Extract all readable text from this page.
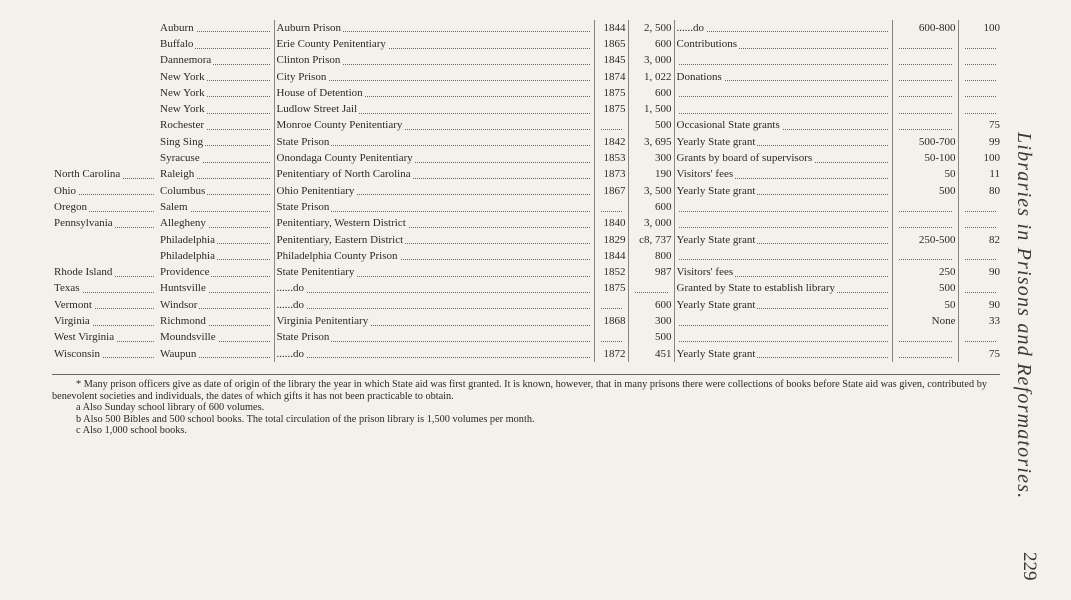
	Auburn	Auburn Prison	1844	2, 500	......do	600-800	100
	Buffalo	Erie County Penitentiary	1865	600	Contributions		
	Dannemora	Clinton Prison	1845	3, 000			
	New York	City Prison	1874	1, 022	Donations		
	New York	House of Detention	1875	600			
	New York	Ludlow Street Jail	1875	1, 500			
	Rochester	Monroe County Penitentiary		500	Occasional State grants		75
	Sing Sing	State Prison	1842	3, 695	Yearly State grant	500-700	99
	Syracuse	Onondaga County Penitentiary	1853	300	Grants by board of supervisors	50-100	100
North Carolina	Raleigh	Penitentiary of North Carolina	1873	190	Visitors' fees	50	11
Ohio	Columbus	Ohio Penitentiary	1867	3, 500	Yearly State grant	500	80
Oregon	Salem	State Prison		600			
Pennsylvania	Allegheny	Penitentiary, Western District	1840	3, 000			
	Philadelphia	Penitentiary, Eastern District	1829	c8, 737	Yearly State grant	250-500	82
	Philadelphia	Philadelphia County Prison	1844	800			
Rhode Island	Providence	State Penitentiary	1852	987	Visitors' fees	250	90
Texas	Huntsville	......do	1875		Granted by State to establish library	500	
Vermont	Windsor	......do		600	Yearly State grant	50	90
Virginia	Richmond	Virginia Penitentiary	1868	300		None	33
West Virginia	Moundsville	State Prison		500			
Wisconsin	Waupun	......do	1872	451	Yearly State grant		75

* Many prison officers give as date of origin of the library the year in which State aid was first granted. It is known, however, that in many prisons there were collections of books before State aid was given, contributed by benevolent societies and individuals, the dates of which gifts it has not been practicable to obtain.

a Also Sunday school library of 600 volumes.

b Also 500 Bibles and 500 school books. The total circulation of the prison library is 1,500 volumes per month.

c Also 1,000 school books.	Libraries in Prisons and Reformatories.
229
